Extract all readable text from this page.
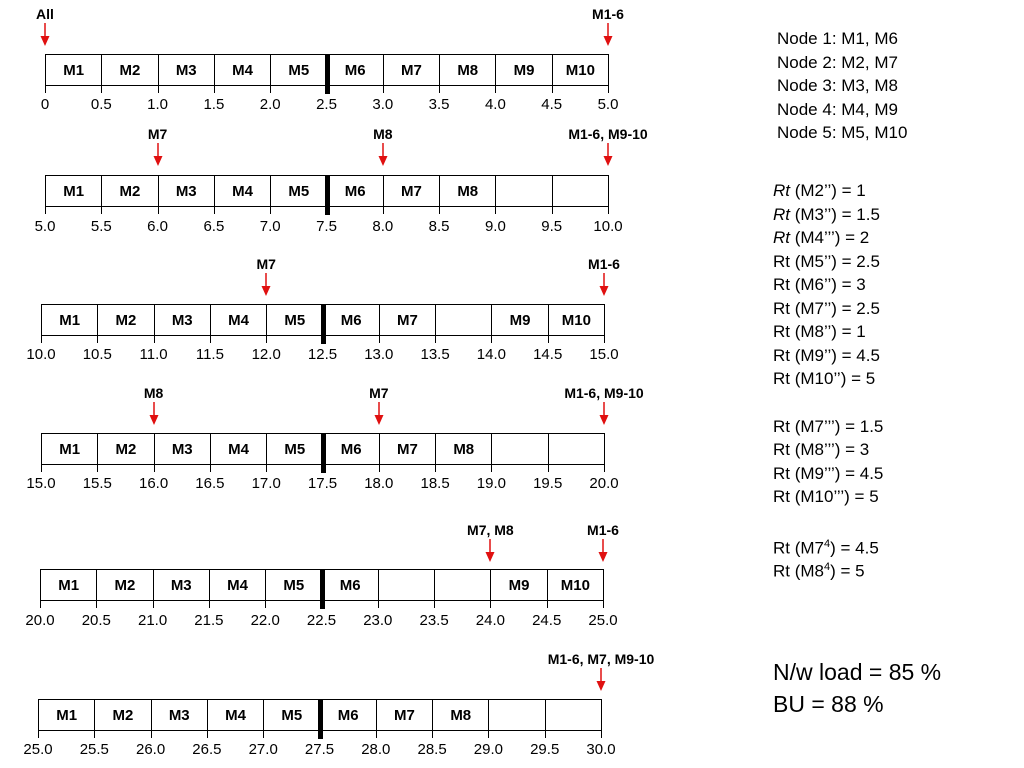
M1	M2	M3	M4	M5	M6	M7	M8	M9	M10
0	0.5 1.0 1.5 2.0 2.5 3.0 3.5 4.0 4.5 5.0
All	M1-6
M1	M2	M3	M4	M5	M6	M7	M8
5.0 5.5 6.0 6.5 7.0 7.5 8.0 8.5 9.0 9.5 10.0
M7	M8	M1-6, M9-10
M1	M2	M3	M4	M5	M6	M7	M9	M10
10.0 10.5 11.0 11.5 12.0 12.5 13.0 13.5 14.0 14.5 15.0
M7	M1-6
M1	M2	M3	M4	M5	M6	M7	M8
15.0 15.5 16.0 16.5 17.0 17.5 18.0 18.5 19.0 19.5 20.0
M8	M7	M1-6, M9-10
M1	M2	M3	M4	M5	M6	M9	M10
20.0 20.5 21.0 21.5 22.0 22.5 23.0 23.5 24.0 24.5 25.0
M7, M8	M1-6
M1	M2	M3	M4	M5	M6	M7	M8
25.0 25.5 26.0 26.5 27.0 27.5 28.0 28.5 29.0 29.5 30.0
M1-6, M7, M9-10
Node 1: M1, M6
Node 2: M2, M7
Node 3: M3, M8
Node 4: M4, M9
Node 5: M5, M10
Rt (M2’’) = 1
Rt (M3’’) = 1.5
Rt (M4’’’) = 2
Rt (M5’’) = 2.5
Rt (M6’’) = 3
Rt (M7’’) = 2.5
Rt (M8’’) = 1
Rt (M9’’) = 4.5
Rt (M10’’) = 5
Rt (M7’’’) = 1.5
Rt (M8’’’) = 3
Rt (M9’’’) = 4.5
Rt (M10’’’) = 5
Rt $(M7^4) = 4.5$
Rt $(M8^4) = 5$
N/w load = 85 %
BU = 88 %
